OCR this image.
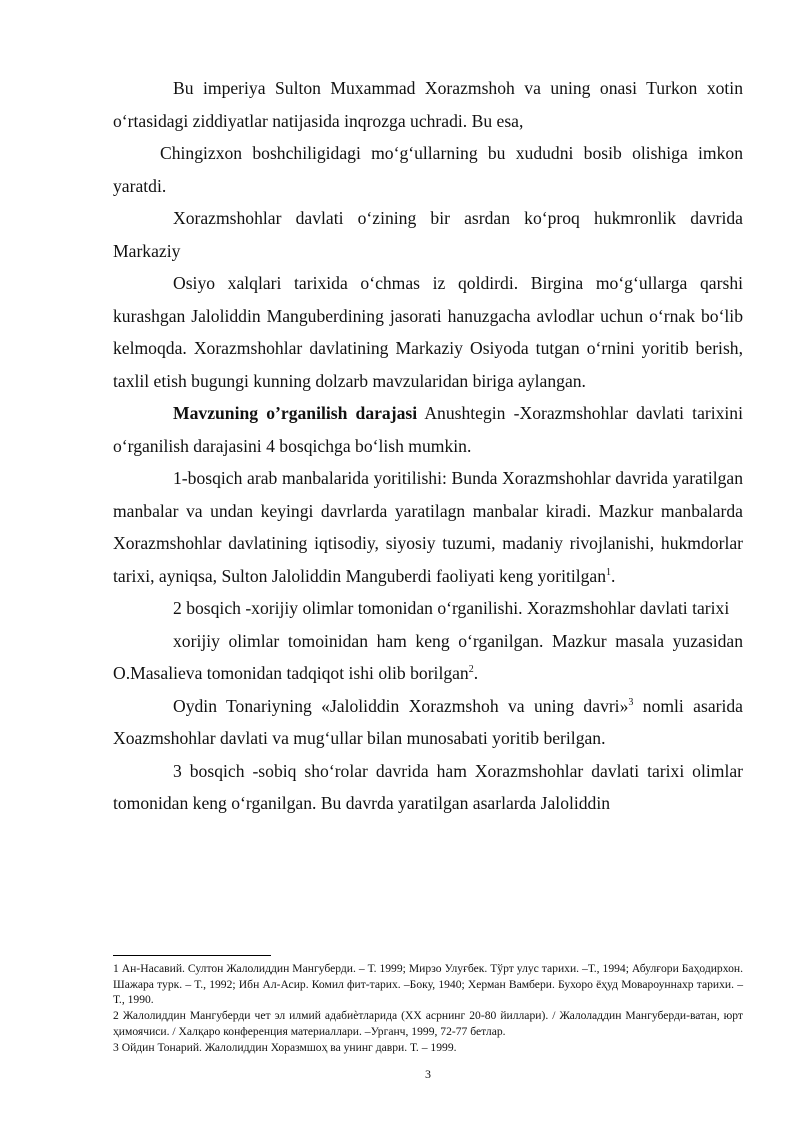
Bu imperiya Sulton Muxammad Xorazmshoh va uning onasi Turkon xotin o‘rtasidagi ziddiyatlar natijasida inqrozga uchradi. Bu esa,

Chingizxon boshchiligidagi mo‘g‘ullarning bu xududni bosib olishiga imkon yaratdi.

Xorazmshohlar davlati o‘zining bir asrdan ko‘proq hukmronlik davrida Markaziy

Osiyo xalqlari tarixida o‘chmas iz qoldirdi. Birgina mo‘g‘ullarga qarshi kurashgan Jaloliddin Manguberdining jasorati hanuzgacha avlodlar uchun o‘rnak bo‘lib kelmoqda. Xorazmshohlar davlatining Markaziy Osiyoda tutgan o‘rnini yoritib berish, taxlil etish bugungi kunning dolzarb mavzularidan biriga aylangan.

Mavzuning o’rganilish darajasi Anushtegin -Xorazmshohlar davlati tarixini o‘rganilish darajasini 4 bosqichga bo‘lish mumkin.

1-bosqich arab manbalarida yoritilishi: Bunda Xorazmshohlar davrida yaratilgan manbalar va undan keyingi davrlarda yaratilagn manbalar kiradi. Mazkur manbalarda Xorazmshohlar davlatining iqtisodiy, siyosiy tuzumi, madaniy rivojlanishi, hukmdorlar tarixi, ayniqsa, Sulton Jaloliddin Manguberdi faoliyati keng yoritilgan$^1$.

2 bosqich -xorijiy olimlar tomonidan o‘rganilishi. Xorazmshohlar davlati tarixi

xorijiy olimlar tomoinidan ham keng o‘rganilgan. Mazkur masala yuzasidan O.Masalieva tomonidan tadqiqot ishi olib borilgan$^2$.

Oydin Tonariyning «Jaloliddin Xorazmshoh va uning davri»$^3$ nomli asarida Xoazmshohlar davlati va mug‘ullar bilan munosabati yoritib berilgan.

3 bosqich -sobiq sho‘rolar davrida ham Xorazmshohlar davlati tarixi olimlar tomonidan keng o‘rganilgan. Bu davrda yaratilgan asarlarda Jaloliddin

1 Ан-Насавий. Султон Жалолиддин Мангуберди. – Т. 1999; Мирзо Улуғбек. Тўрт улус тарихи. –Т., 1994; Абулғори Баҳодирхон. Шажара турк. – Т., 1992; Ибн Ал-Асир. Комил фит-тарих. –Боку, 1940; Херман Вамбери. Бухоро ёҳуд Мовароуннахр тарихи. –Т., 1990.

2 Жалолиддин Мангуберди чет эл илмий адабиѐтларида (ХХ асрнинг 20-80 йиллари). / Жалоладдин Мангуберди-ватан, юрт ҳимоячиси. / Халқаро конференция материаллари. –Урганч, 1999, 72-77 бетлар.

3 Ойдин Тонарий. Жалолиддин Хоразмшоҳ ва унинг даври. Т. – 1999.

3
